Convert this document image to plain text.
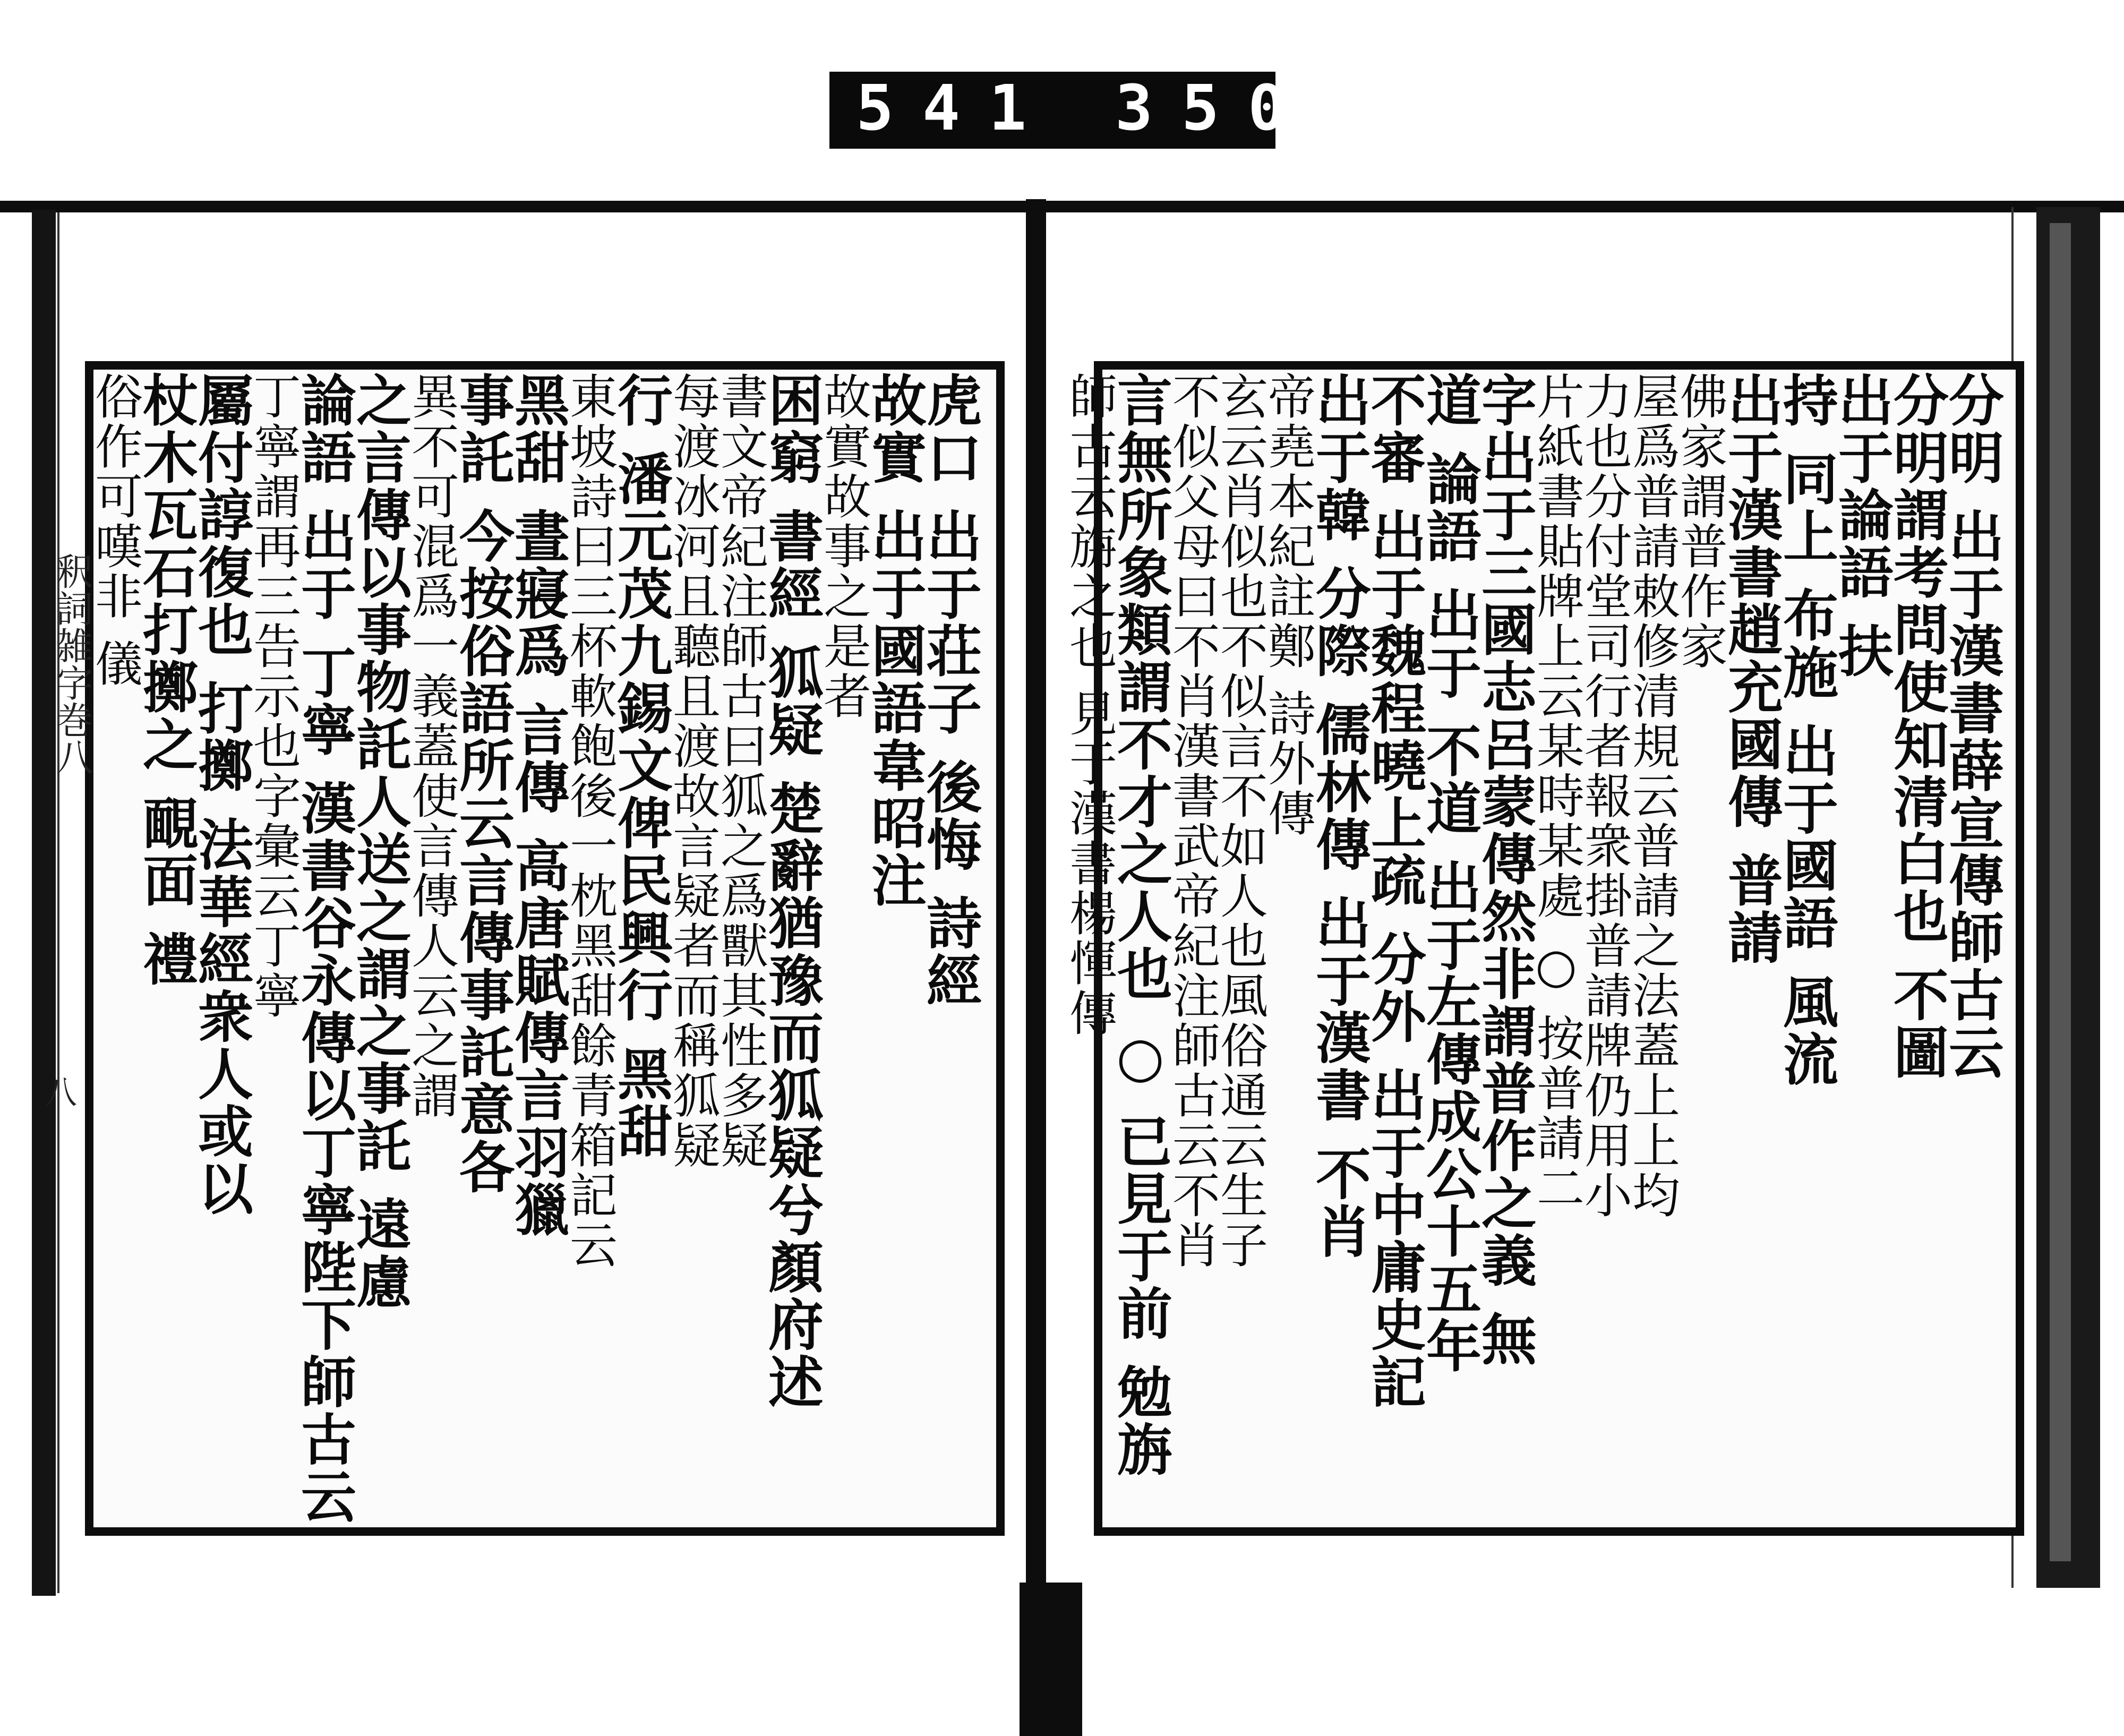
541 350.
釈詞雑字巻八
八
虎口 出于荘子 後悔 詩經
故實 出于國語韋昭注
故實故事之是者
困窮 書經 狐疑 楚辭猶豫而狐疑兮顏府述
書文帝紀注師古曰狐之爲獸其性多疑
每渡冰河且聽且渡故言疑者而稱狐疑
行 潘元茂九錫文俾民興行 黑甜
東坡詩曰三杯軟飽後一枕黑甜餘青箱記云
黑甜 晝寢爲 言傳 高唐賦傳言羽獵
事託 今按俗語所云言傳事託意各
異不可混爲一義蓋使言傳人云之謂
之言傳以事物託人送之謂之事託 遠慮
論語 出于 丁寧 漢書谷永傳以丁寧陛下師古云
丁寧謂再三告示也字彙云丁寧
屬付諄復也 打擲 法華經衆人或以
杖木瓦石打擲之 靦面 禮
俗作可嘆非 儀	分明 出于漢書薛宣傳師古云
分明謂考問使知清白也 不圖
出于論語 扶
持 同上 布施 出于國語 風流
出于漢書趙充國傳 普請
佛家謂普作家
屋爲普請敕修清規云普請之法蓋上上均
力也分付堂司行者報衆掛普請牌仍用小
片紙書貼牌上云某時某處 ○ 按普請二
字出于三國志呂蒙傳然非謂普作之義 無
道 論語 出于 不道 出于左傳成公十五年
不審 出于魏程曉上疏 分外 出于中庸史記
出于韓 分際 儒林傳 出于漢書 不肖
帝堯本紀註鄭 詩外傳
玄云肖似也不似言不如人也風俗通云生子
不似父母曰不肖漢書武帝紀注師古云不肖
言無所象類謂不才之人也 ○ 已見于前 勉旃
師古云旃之也 見于漢書楊惲傳
